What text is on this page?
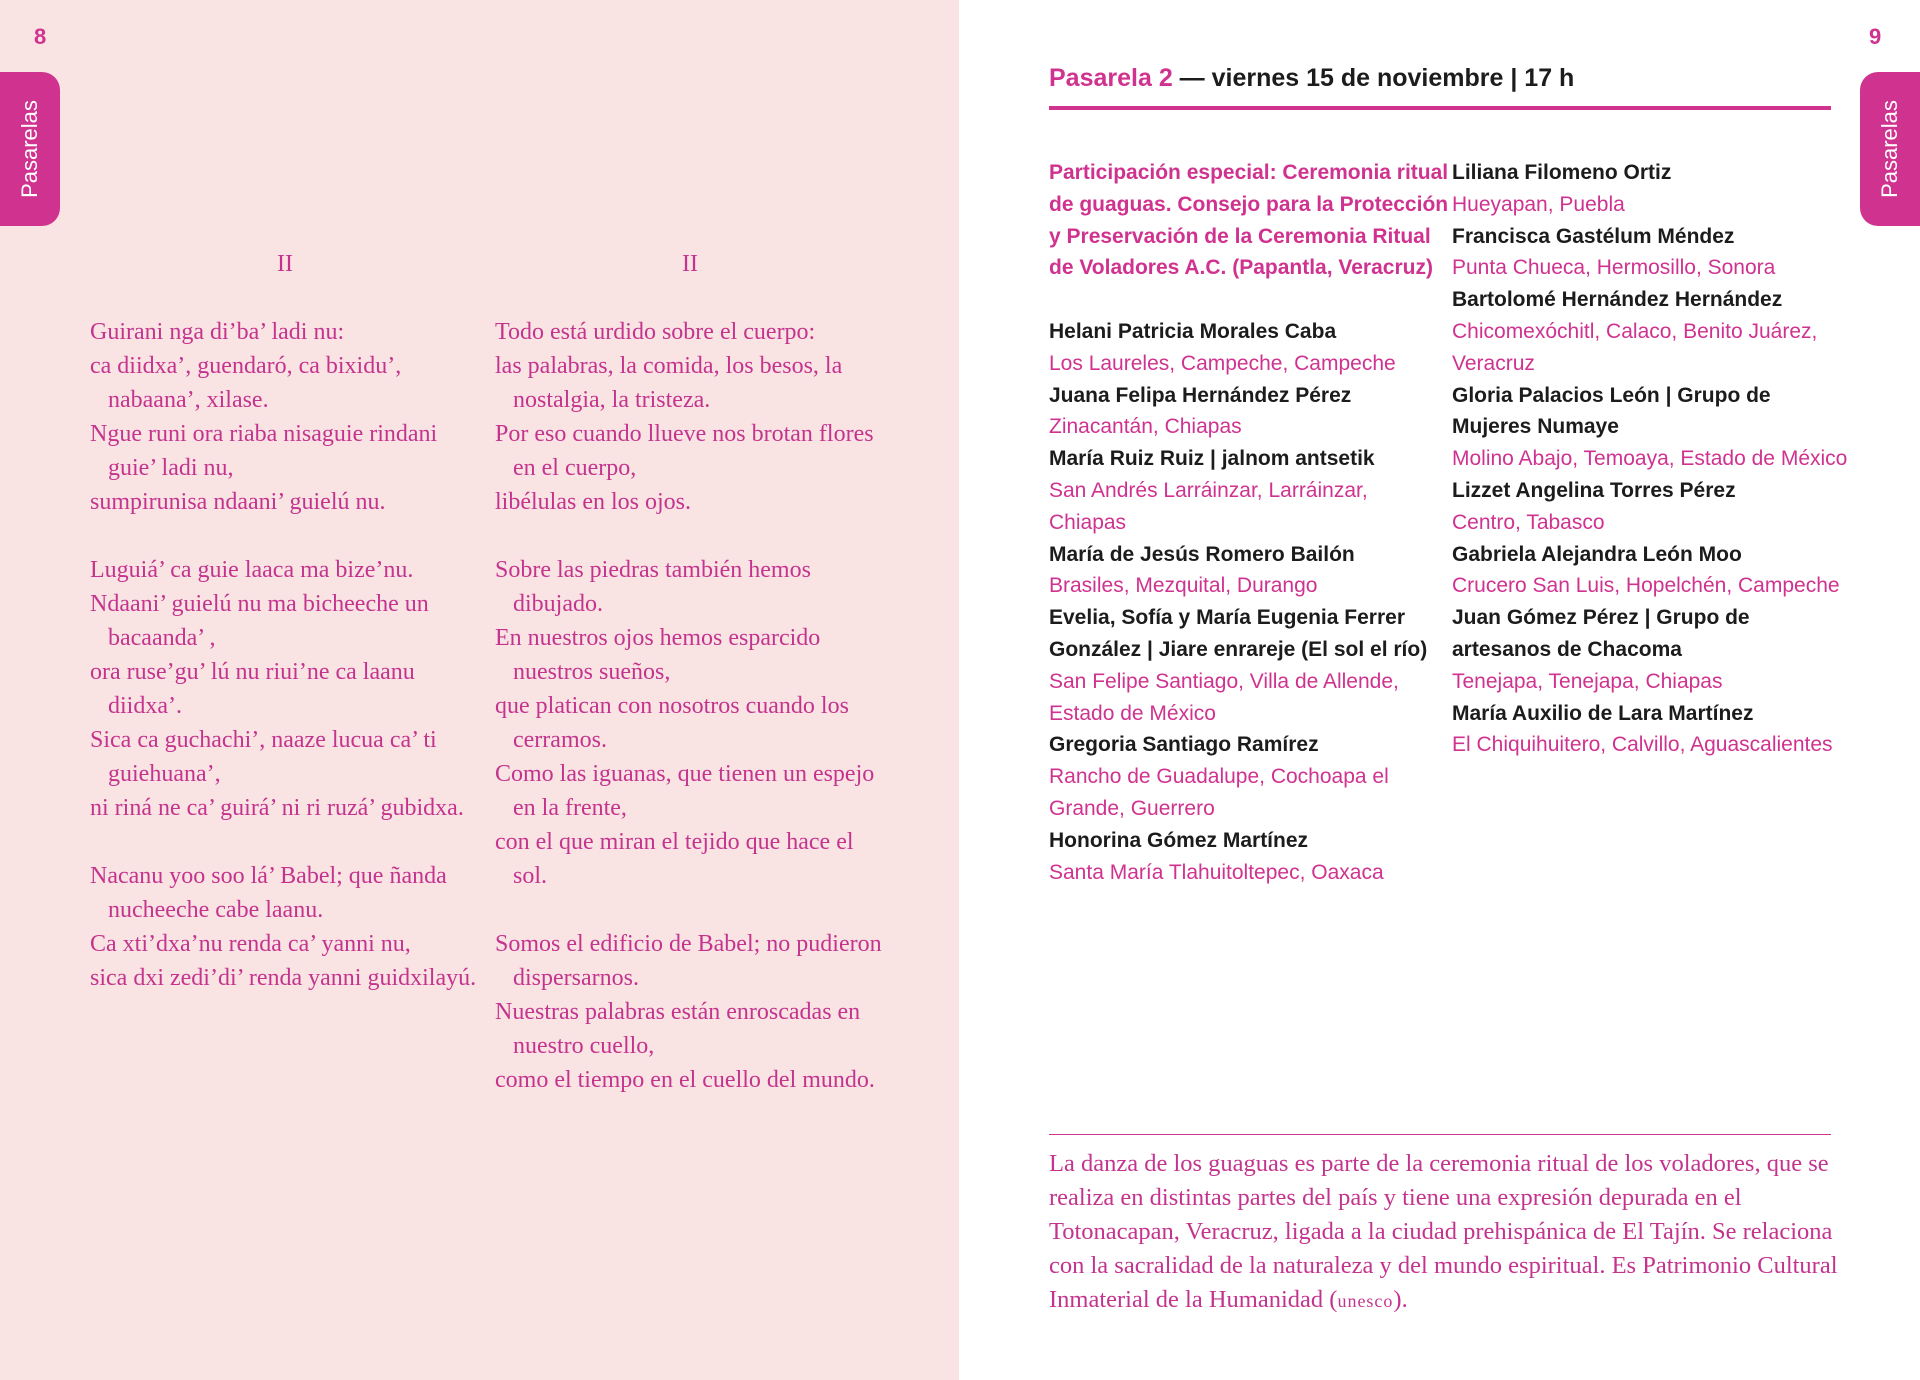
8
Pasarelas
II
Guirani nga di’ba’ ladi nu:
ca diidxa’, guendaró, ca bixidu’, nabaana’, xilase.
Ngue runi ora riaba nisaguie rindani guie’ ladi nu,
sumpirunisa ndaani’ guielú nu.
Luguiá’ ca guie laaca ma bize’nu.
Ndaani’ guielú nu ma bicheeche un bacaanda’ ,
ora ruse’gu’ lú nu riui’ne ca laanu diidxa’.
Sica ca guchachi’, naaze lucua ca’ ti guiehuana’,
ni riná ne ca’ guirá’ ni ri ruzá’ gubidxa.
Nacanu yoo soo lá’ Babel; que ñanda nucheeche cabe laanu.
Ca xti’dxa’nu renda ca’ yanni nu,
sica dxi zedi’di’ renda yanni guidxilayú.
II
Todo está urdido sobre el cuerpo:
las palabras, la comida, los besos, la nostalgia, la tristeza.
Por eso cuando llueve nos brotan flores en el cuerpo,
libélulas en los ojos.
Sobre las piedras también hemos dibujado.
En nuestros ojos hemos esparcido nuestros sueños,
que platican con nosotros cuando los cerramos.
Como las iguanas, que tienen un espejo en la frente,
con el que miran el tejido que hace el sol.
Somos el edificio de Babel; no pudieron dispersarnos.
Nuestras palabras están enroscadas en nuestro cuello,
como el tiempo en el cuello del mundo.
9
Pasarelas
Pasarela 2 — viernes 15 de noviembre | 17 h
Participación especial: Ceremonia ritual de guaguas. Consejo para la Protección y Preservación de la Ceremonia Ritual de Voladores A.C. (Papantla, Veracruz)
Helani Patricia Morales Caba
Los Laureles, Campeche, Campeche
Juana Felipa Hernández Pérez
Zinacantán, Chiapas
María Ruiz Ruiz | jalnom antsetik
San Andrés Larráinzar, Larráinzar, Chiapas
María de Jesús Romero Bailón
Brasiles, Mezquital, Durango
Evelia, Sofía y María Eugenia Ferrer González | Jiare enrareje (El sol el río)
San Felipe Santiago, Villa de Allende, Estado de México
Gregoria Santiago Ramírez
Rancho de Guadalupe, Cochoapa el Grande, Guerrero
Honorina Gómez Martínez
Santa María Tlahuitoltepec, Oaxaca
Liliana Filomeno Ortiz
Hueyapan, Puebla
Francisca Gastélum Méndez
Punta Chueca, Hermosillo, Sonora
Bartolomé Hernández Hernández
Chicomexóchitl, Calaco, Benito Juárez, Veracruz
Gloria Palacios León | Grupo de Mujeres Numaye
Molino Abajo, Temoaya, Estado de México
Lizzet Angelina Torres Pérez
Centro, Tabasco
Gabriela Alejandra León Moo
Crucero San Luis, Hopelchén, Campeche
Juan Gómez Pérez | Grupo de artesanos de Chacoma
Tenejapa, Tenejapa, Chiapas
María Auxilio de Lara Martínez
El Chiquihuitero, Calvillo, Aguascalientes
La danza de los guaguas es parte de la ceremonia ritual de los voladores, que se realiza en distintas partes del país y tiene una expresión depurada en el Totonacapan, Veracruz, ligada a la ciudad prehispánica de El Tajín. Se relaciona con la sacralidad de la naturaleza y del mundo espiritual. Es Patrimonio Cultural Inmaterial de la Humanidad (unesco).
